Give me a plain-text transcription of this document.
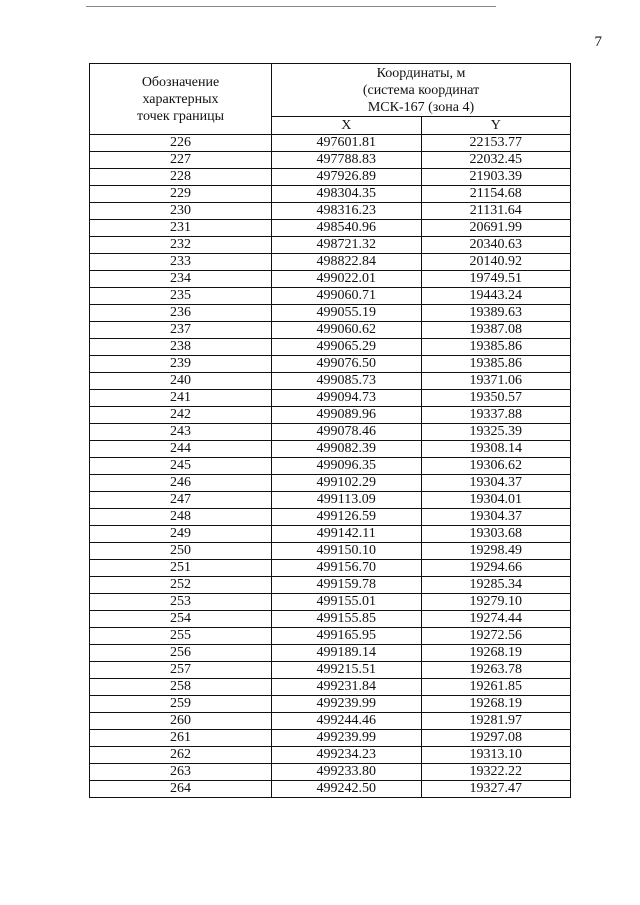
7
Обозначение
характерных
точек границы	Координаты, м
(система координат
МСК-167 (зона 4)	

	X	Y
226	497601.81	22153.77
227	497788.83	22032.45
228	497926.89	21903.39
229	498304.35	21154.68
230	498316.23	21131.64
231	498540.96	20691.99
232	498721.32	20340.63
233	498822.84	20140.92
234	499022.01	19749.51
235	499060.71	19443.24
236	499055.19	19389.63
237	499060.62	19387.08
238	499065.29	19385.86
239	499076.50	19385.86
240	499085.73	19371.06
241	499094.73	19350.57
242	499089.96	19337.88
243	499078.46	19325.39
244	499082.39	19308.14
245	499096.35	19306.62
246	499102.29	19304.37
247	499113.09	19304.01
248	499126.59	19304.37
249	499142.11	19303.68
250	499150.10	19298.49
251	499156.70	19294.66
252	499159.78	19285.34
253	499155.01	19279.10
254	499155.85	19274.44
255	499165.95	19272.56
256	499189.14	19268.19
257	499215.51	19263.78
258	499231.84	19261.85
259	499239.99	19268.19
260	499244.46	19281.97
261	499239.99	19297.08
262	499234.23	19313.10
263	499233.80	19322.22
264	499242.50	19327.47
